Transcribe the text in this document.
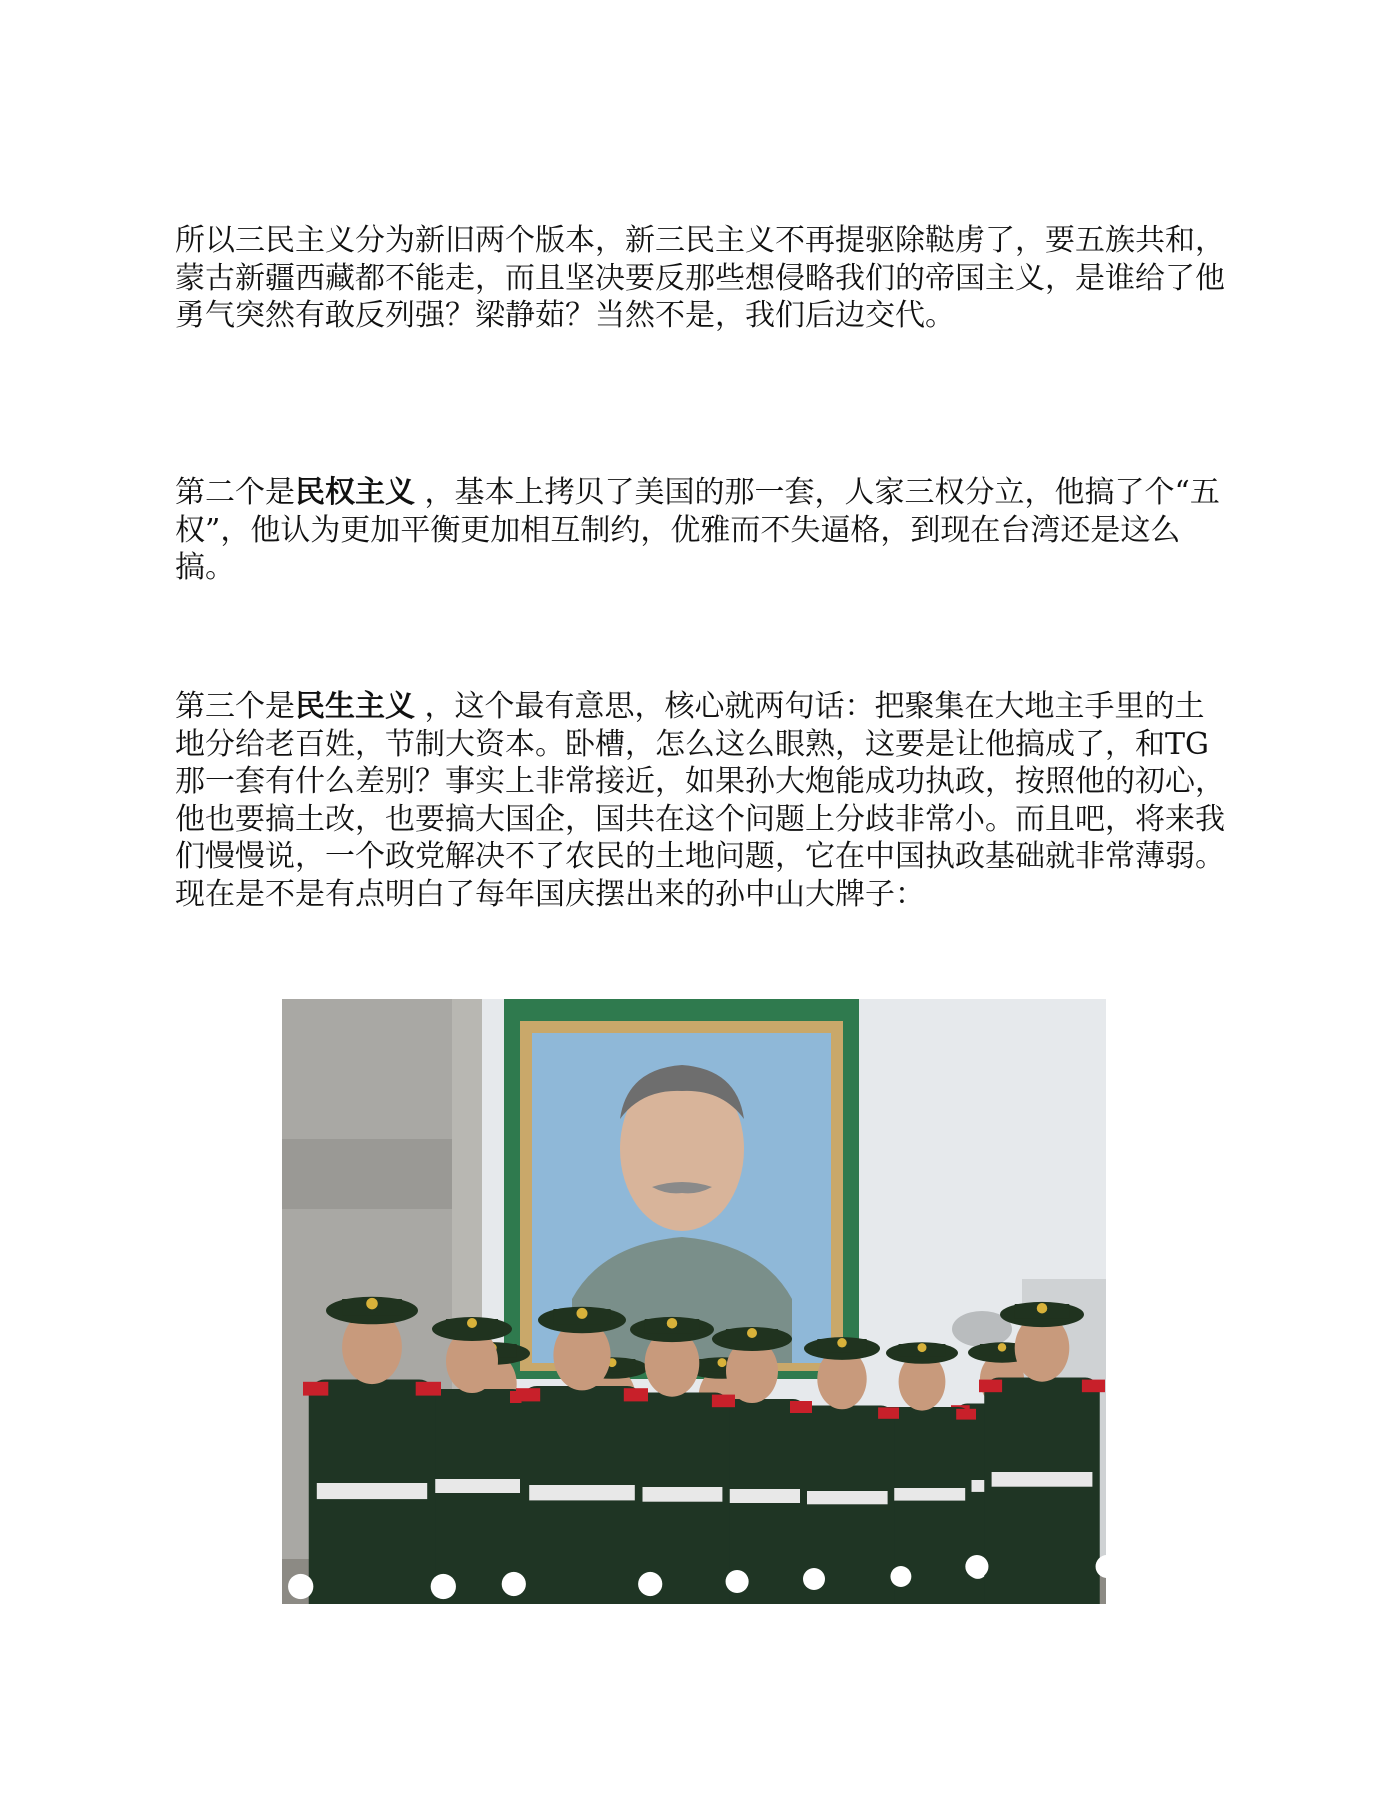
所以三民主义分为新旧两个版本，新三民主义不再提驱除鞑虏了，要五族共和，蒙古新疆西藏都不能走，而且坚决要反那些想侵略我们的帝国主义，是谁给了他勇气突然有敢反列强？梁静茹？当然不是，我们后边交代。

第二个是民权主义 ，基本上拷贝了美国的那一套，人家三权分立，他搞了个“五权”，他认为更加平衡更加相互制约，优雅而不失逼格，到现在台湾还是这么搞。

第三个是民生主义 ，这个最有意思，核心就两句话：把聚集在大地主手里的土地分给老百姓，节制大资本。卧槽，怎么这么眼熟，这要是让他搞成了，和TG那一套有什么差别？事实上非常接近，如果孙大炮能成功执政，按照他的初心，他也要搞土改，也要搞大国企，国共在这个问题上分歧非常小。而且吧，将来我们慢慢说，一个政党解决不了农民的土地问题，它在中国执政基础就非常薄弱。现在是不是有点明白了每年国庆摆出来的孙中山大牌子：
